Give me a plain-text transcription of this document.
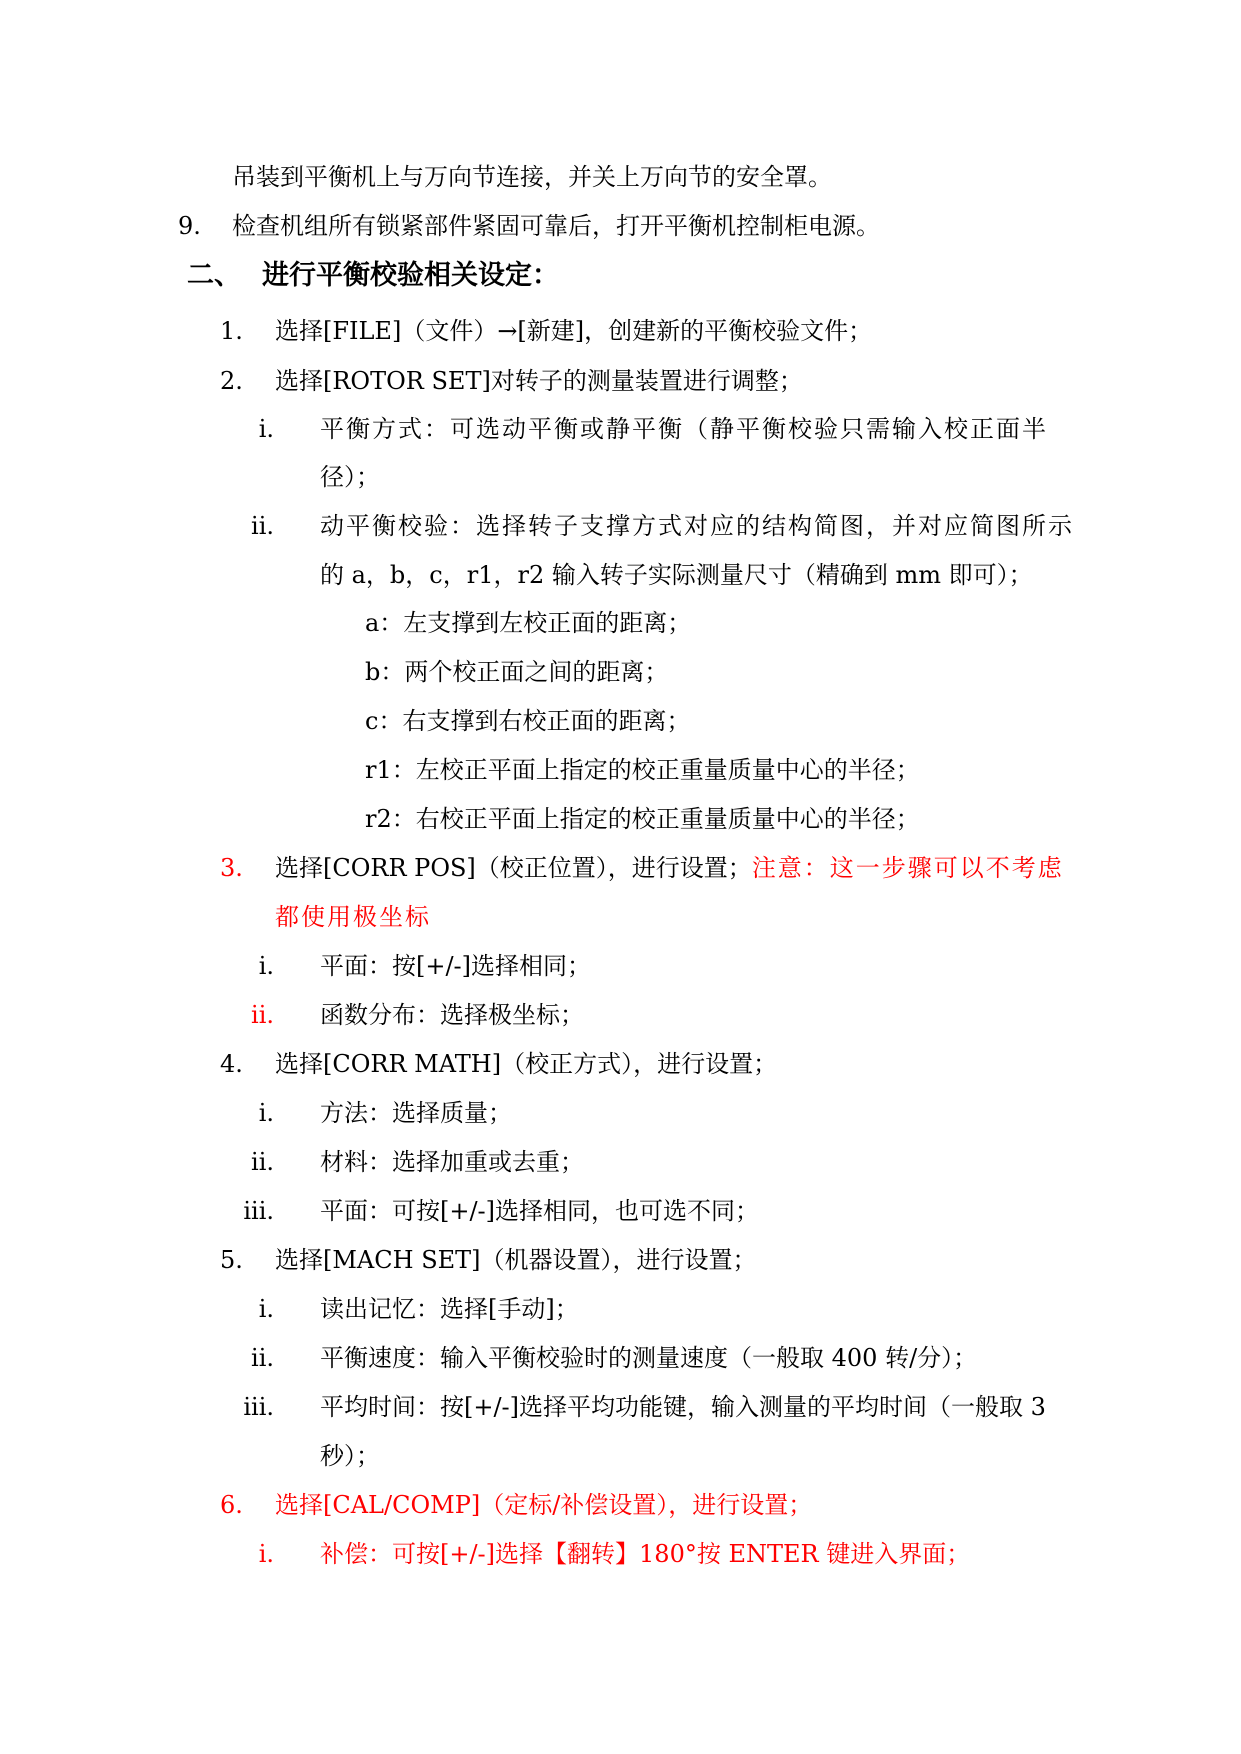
吊装到平衡机上与万向节连接，并关上万向节的安全罩。
9. 检查机组所有锁紧部件紧固可靠后，打开平衡机控制柜电源。
二、 进行平衡校验相关设定：
1. 选择[FILE]（文件）→[新建]，创建新的平衡校验文件；
2. 选择[ROTOR SET]对转子的测量装置进行调整；
i. 平衡方式：可选动平衡或静平衡（静平衡校验只需输入校正面半
径）；
ii. 动平衡校验：选择转子支撑方式对应的结构简图，并对应简图所示
的 a，b，c，r1，r2 输入转子实际测量尺寸（精确到 mm 即可）；
a：左支撑到左校正面的距离；
b：两个校正面之间的距离；
c：右支撑到右校正面的距离；
r1：左校正平面上指定的校正重量质量中心的半径；
r2：右校正平面上指定的校正重量质量中心的半径；
3. 选择[CORR POS]（校正位置），进行设置；注意：这一步骤可以不考虑
都使用极坐标
i. 平面：按[+/-]选择相同；
ii. 函数分布：选择极坐标；
4. 选择[CORR MATH]（校正方式），进行设置；
i. 方法：选择质量；
ii. 材料：选择加重或去重；
iii. 平面：可按[+/-]选择相同，也可选不同；
5. 选择[MACH SET]（机器设置），进行设置；
i. 读出记忆：选择[手动]；
ii. 平衡速度：输入平衡校验时的测量速度（一般取 400 转/分）；
iii. 平均时间：按[+/-]选择平均功能键，输入测量的平均时间（一般取 3
秒）；
6. 选择[CAL/COMP]（定标/补偿设置），进行设置；
i. 补偿：可按[+/-]选择【翻转】180°按 ENTER 键进入界面；
